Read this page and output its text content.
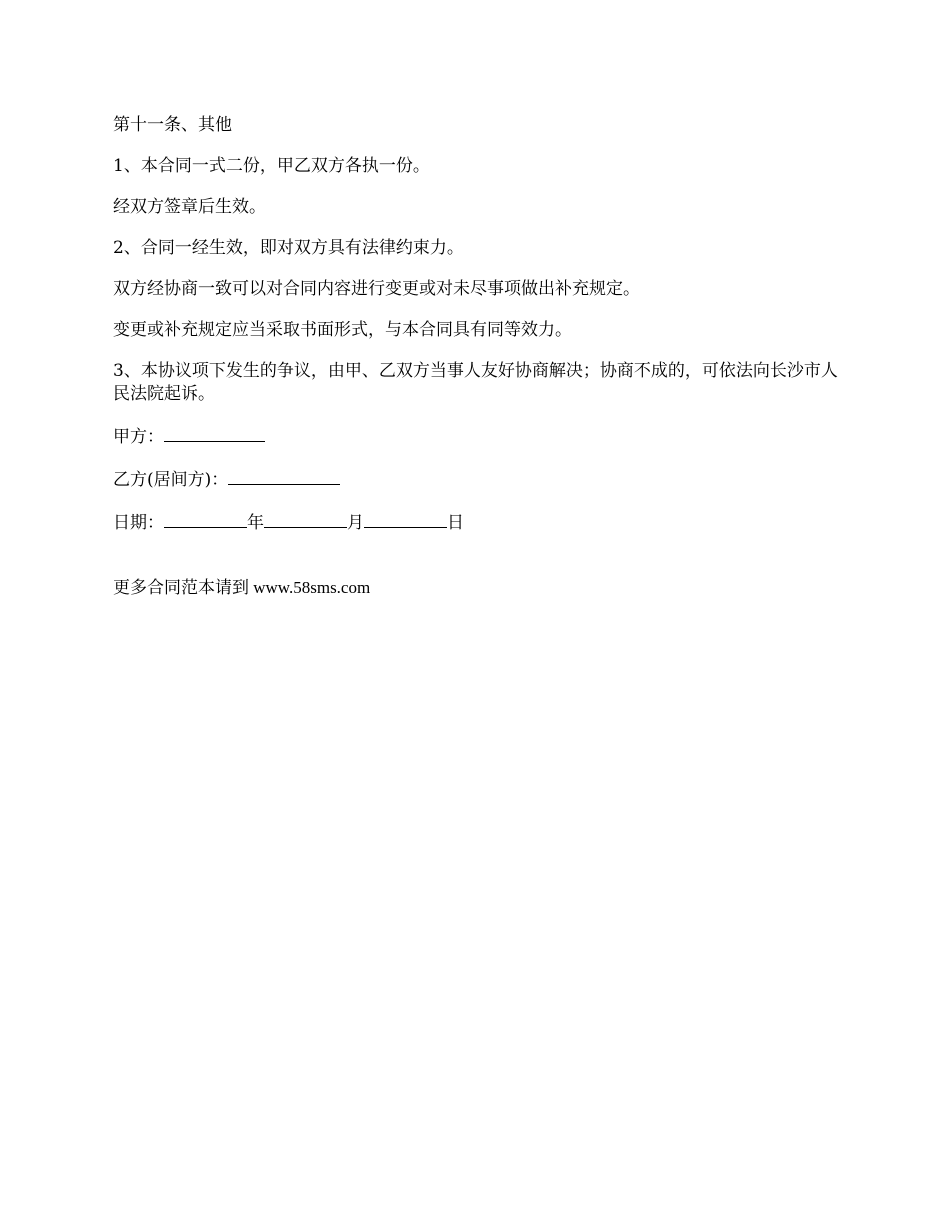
第十一条、其他

1、本合同一式二份，甲乙双方各执一份。

经双方签章后生效。

2、合同一经生效，即对双方具有法律约束力。

双方经协商一致可以对合同内容进行变更或对未尽事项做出补充规定。

变更或补充规定应当采取书面形式，与本合同具有同等效力。

3、本协议项下发生的争议，由甲、乙双方当事人友好协商解决；协商不成的，可依法向长沙市人民法院起诉。

甲方：

乙方(居间方)：

日期：	年	月	日

更多合同范本请到 www.58sms.com
